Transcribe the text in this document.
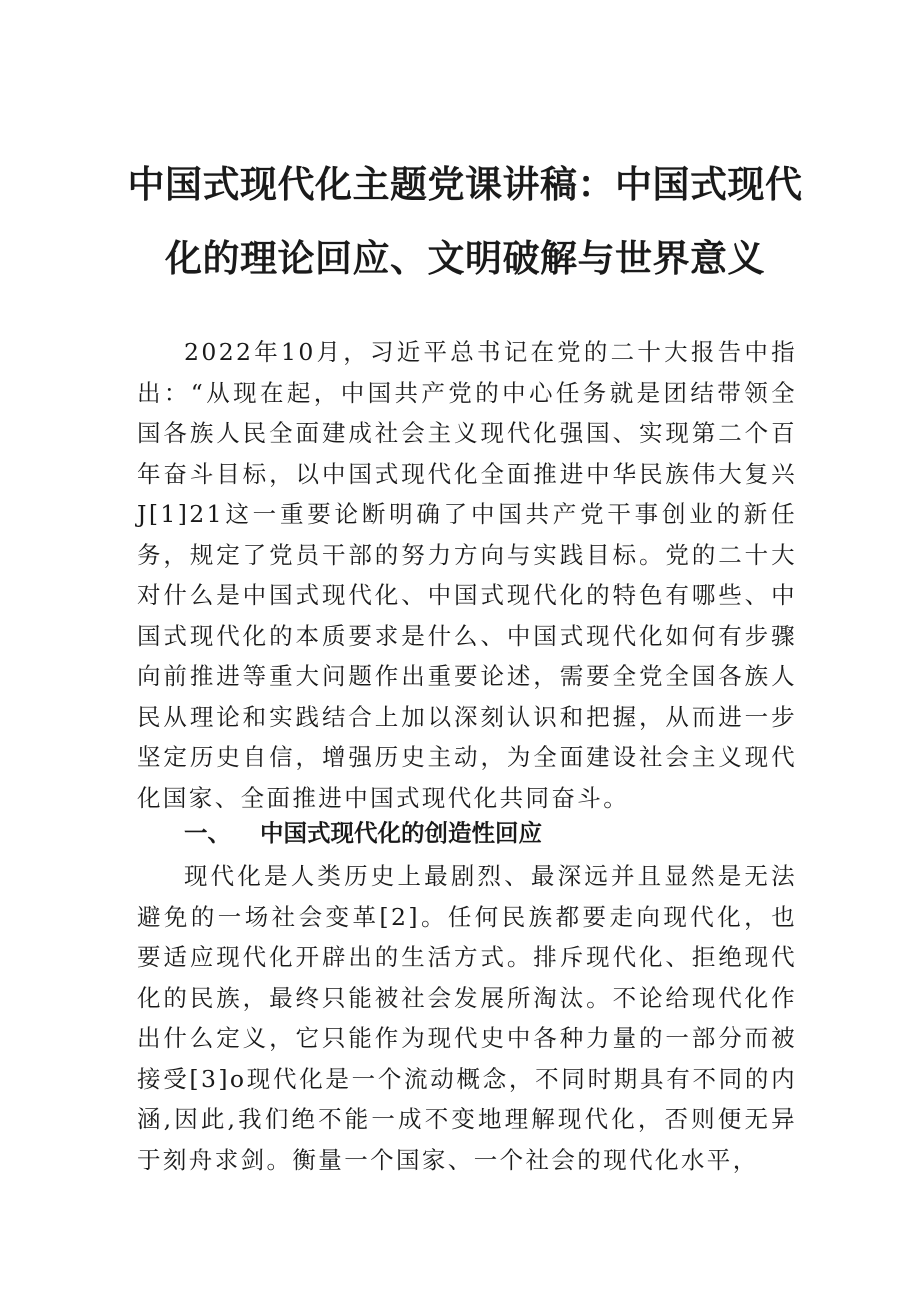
中国式现代化主题党课讲稿：中国式现代化的理论回应、文明破解与世界意义

2022年10月，习近平总书记在党的二十大报告中指出：“从现在起，中国共产党的中心任务就是团结带领全国各族人民全面建成社会主义现代化强国、实现第二个百年奋斗目标，以中国式现代化全面推进中华民族伟大复兴J[1]21这一重要论断明确了中国共产党干事创业的新任务，规定了党员干部的努力方向与实践目标。党的二十大对什么是中国式现代化、中国式现代化的特色有哪些、中国式现代化的本质要求是什么、中国式现代化如何有步骤向前推进等重大问题作出重要论述，需要全党全国各族人民从理论和实践结合上加以深刻认识和把握，从而进一步坚定历史自信，增强历史主动，为全面建设社会主义现代化国家、全面推进中国式现代化共同奋斗。

一、 中国式现代化的创造性回应

现代化是人类历史上最剧烈、最深远并且显然是无法避免的一场社会变革[2]。任何民族都要走向现代化，也要适应现代化开辟出的生活方式。排斥现代化、拒绝现代化的民族，最终只能被社会发展所淘汰。不论给现代化作出什么定义，它只能作为现代史中各种力量的一部分而被接受[3]o现代化是一个流动概念，不同时期具有不同的内涵,因此,我们绝不能一成不变地理解现代化，否则便无异于刻舟求剑。衡量一个国家、一个社会的现代化水平，
